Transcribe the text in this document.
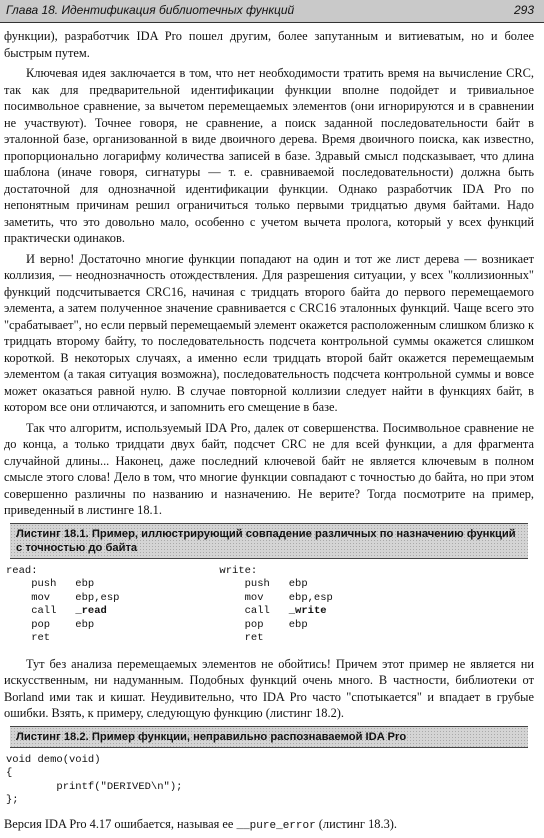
Глава 18. Идентификация библиотечных функций	293

функции), разработчик IDA Pro пошел другим, более запутанным и витиеватым, но и более быстрым путем.

Ключевая идея заключается в том, что нет необходимости тратить время на вычисление CRC, так как для предварительной идентификации функции вполне подойдет и тривиальное посимвольное сравнение, за вычетом перемещаемых элементов (они игнорируются и в сравнении не участвуют). Точнее говоря, не сравнение, а поиск заданной последовательности байт в эталонной базе, организованной в виде двоичного дерева. Время двоичного поиска, как известно, пропорционально логарифму количества записей в базе. Здравый смысл подсказывает, что длина шаблона (иначе говоря, сигнатуры — т. е. сравниваемой последовательности) должна быть достаточной для однозначной идентификации функции. Однако разработчик IDA Pro по непонятным причинам решил ограничиться только первыми тридцатью двумя байтами. Надо заметить, что это довольно мало, особенно с учетом вычета пролога, который у всех функций практически одинаков.

И верно! Достаточно многие функции попадают на один и тот же лист дерева — возникает коллизия, — неоднозначность отождествления. Для разрешения ситуации, у всех "коллизионных" функций подсчитывается CRC16, начиная с тридцать второго байта до первого перемещаемого элемента, а затем полученное значение сравнивается с CRC16 эталонных функций. Чаще всего это "срабатывает", но если первый перемещаемый элемент окажется расположенным слишком близко к тридцать второму байту, то последовательность подсчета контрольной суммы окажется слишком короткой. В некоторых случаях, а именно если тридцать второй байт окажется перемещаемым элементом (а такая ситуация возможна), последовательность подсчета контрольной суммы и вовсе может оказаться равной нулю. В случае повторной коллизии следует найти в функциях байт, в котором все они отличаются, и запомнить его смещение в базе.

Так что алгоритм, используемый IDA Pro, далек от совершенства. Посимвольное сравнение не до конца, а только тридцати двух байт, подсчет CRC не для всей функции, а для фрагмента случайной длины... Наконец, даже последний ключевой байт не является ключевым в полном смысле этого слова! Дело в том, что многие функции совпадают с точностью до байта, но при этом совершенно различны по названию и назначению. Не верите? Тогда посмотрите на пример, приведенный в листинге 18.1.

Листинг 18.1. Пример, иллюстрирующий совпадение различных по назначению функций с точностью до байта
read:
push   ebp
mov    ebp,esp
call   _read
pop    ebp
ret
write:
push   ebp
mov    ebp,esp
call   _write
pop    ebp
ret

Тут без анализа перемещаемых элементов не обойтись! Причем этот пример не является ни искусственным, ни надуманным. Подобных функций очень много. В частности, библиотеки от Borland ими так и кишат. Неудивительно, что IDA Pro часто "спотыкается" и впадает в грубые ошибки. Взять, к примеру, следующую функцию (листинг 18.2).

Листинг 18.2. Пример функции, неправильно распознаваемой IDA Pro
void demo(void)
{
printf("DERIVED\n");
};

Версия IDA Pro 4.17 ошибается, называя ее __pure_error (листинг 18.3).
